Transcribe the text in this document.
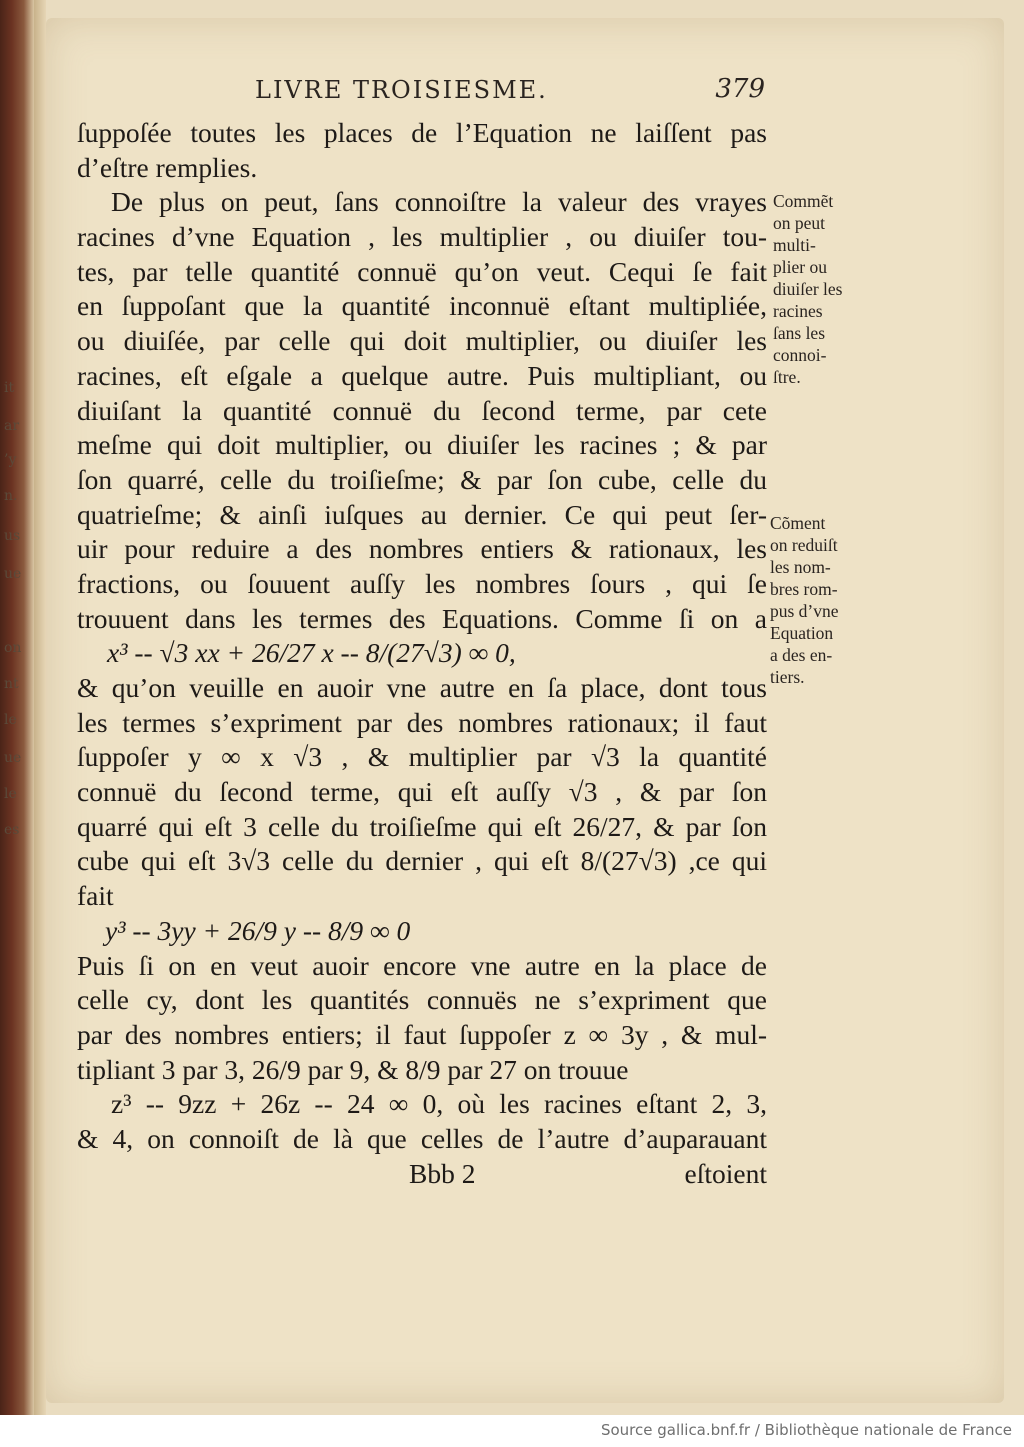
it
ar
’y
n.
us
ue
on
nt
le
ue
le
es
LIVRE TROISIESME.	379
ſuppoſée toutes les places de l’Equation ne laiſſent pas
d’eſtre remplies.
De plus on peut, ſans connoiſtre la valeur des vrayes
racines d’vne Equation , les multiplier , ou diuiſer tou-
tes, par telle quantité connuë qu’on veut. Cequi ſe fait
en ſuppoſant que la quantité inconnuë eſtant multipliée,
ou diuiſée, par celle qui doit multiplier, ou diuiſer les
racines, eſt eſgale a quelque autre. Puis multipliant, ou
diuiſant la quantité connuë du ſecond terme, par cete
meſme qui doit multiplier, ou diuiſer les racines ; & par
ſon quarré, celle du troiſieſme; & par ſon cube, celle du
quatrieſme; & ainſi iuſques au dernier. Ce qui peut ſer-
uir pour reduire a des nombres entiers & rationaux, les
fractions, ou ſouuent auſſy les nombres ſours , qui ſe
trouuent dans les termes des Equations. Comme ſi on a
x³ -- √3 xx + 26/27 x -- 8/(27√3) ∞ 0,
& qu’on veuille en auoir vne autre en ſa place, dont tous
les termes s’expriment par des nombres rationaux; il faut
ſuppoſer y ∞ x √3 , & multiplier par √3 la quantité
connuë du ſecond terme, qui eſt auſſy √3 , & par ſon
quarré qui eſt 3 celle du troiſieſme qui eſt 26/27, & par ſon
cube qui eſt 3√3 celle du dernier , qui eſt 8/(27√3) ,ce qui
fait
y³ -- 3yy + 26/9 y -- 8/9 ∞ 0
Puis ſi on en veut auoir encore vne autre en la place de
celle cy, dont les quantités connuës ne s’expriment que
par des nombres entiers; il faut ſuppoſer z ∞ 3y , & mul-
tipliant 3 par 3, 26/9 par 9, & 8/9 par 27 on trouue
z³ -- 9zz + 26z -- 24 ∞ 0, où les racines eſtant 2, 3,
& 4, on connoiſt de là que celles de l’autre d’auparauant
Bbb 2	eſtoient
Commẽt
on peut
multi-
plier ou
diuiſer les
racines
ſans les
connoi-
ſtre.
Cõment
on reduiſt
les nom-
bres rom-
pus d’vne
Equation
a des en-
tiers.
Source gallica.bnf.fr / Bibliothèque nationale de France
